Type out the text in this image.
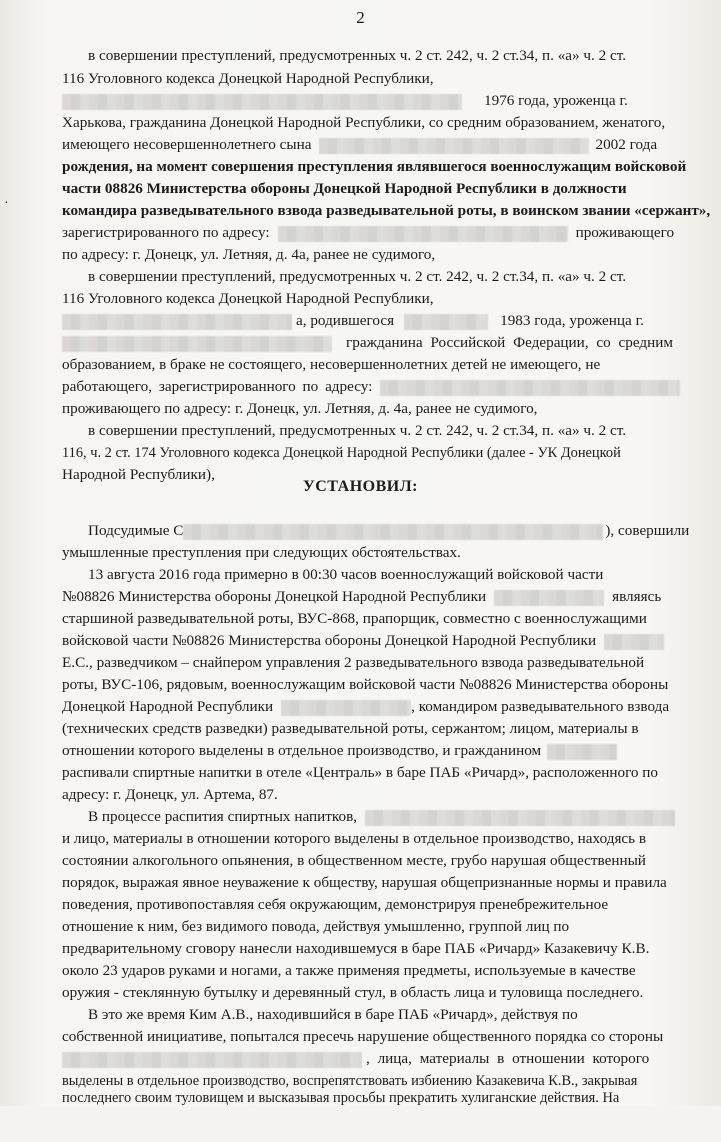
2
·
в совершении преступлений, предусмотренных ч. 2 ст. 242, ч. 2 ст.34, п. «а» ч. 2 ст.
116 Уголовного кодекса Донецкой Народной Республики,
1976 года, уроженца г.
Харькова, гражданина Донецкой Народной Республики, со средним образованием, женатого,
имеющего несовершеннолетнего сына	2002 года
рождения, на момент совершения преступления являвшегося военнослужащим войсковой
части 08826 Министерства обороны Донецкой Народной Республики в должности
командира разведывательного взвода разведывательной роты, в воинском звании «сержант»,
зарегистрированного по адресу:	проживающего
по адресу: г. Донецк, ул. Летняя, д. 4а, ранее не судимого,
в совершении преступлений, предусмотренных ч. 2 ст. 242, ч. 2 ст.34, п. «а» ч. 2 ст.
116 Уголовного кодекса Донецкой Народной Республики,
а, родившегося	1983 года, уроженца г.
гражданина Российской Федерации, со средним
образованием, в браке не состоящего, несовершеннолетних детей не имеющего, не
работающего, зарегистрированного по адресу:
проживающего по адресу: г. Донецк, ул. Летняя, д. 4а, ранее не судимого,
в совершении преступлений, предусмотренных ч. 2 ст. 242, ч. 2 ст.34, п. «а» ч. 2 ст.
116, ч. 2 ст. 174 Уголовного кодекса Донецкой Народной Республики (далее - УК Донецкой
Народной Республики),
УСТАНОВИЛ:
Подсудимые С	), совершили
умышленные преступления при следующих обстоятельствах.
13 августа 2016 года примерно в 00:30 часов военнослужащий войсковой части
№08826 Министерства обороны Донецкой Народной Республики	являясь
старшиной разведывательной роты, ВУС-868, прапорщик, совместно с военнослужащими
войсковой части №08826 Министерства обороны Донецкой Народной Республики
Е.С., разведчиком – снайпером управления 2 разведывательного взвода разведывательной
роты, ВУС-106, рядовым, военнослужащим войсковой части №08826 Министерства обороны
Донецкой Народной Республики	, командиром разведывательного взвода
(технических средств разведки) разведывательной роты, сержантом; лицом, материалы в
отношении которого выделены в отдельное производство, и гражданином
распивали спиртные напитки в отеле «Централь» в баре ПАБ «Ричард», расположенного по
адресу: г. Донецк, ул. Артема, 87.
В процессе распития спиртных напитков,
и лицо, материалы в отношении которого выделены в отдельное производство, находясь в
состоянии алкогольного опьянения, в общественном месте, грубо нарушая общественный
порядок, выражая явное неуважение к обществу, нарушая общепризнанные нормы и правила
поведения, противопоставляя себя окружающим, демонстрируя пренебрежительное
отношение к ним, без видимого повода, действуя умышленно, группой лиц по
предварительному сговору нанесли находившемуся в баре ПАБ «Ричард» Казакевичу К.В.
около 23 ударов руками и ногами, а также применяя предметы, используемые в качестве
оружия - стеклянную бутылку и деревянный стул, в область лица и туловища последнего.
В это же время Ким А.В., находившийся в баре ПАБ «Ричард», действуя по
собственной инициативе, попытался пресечь нарушение общественного порядка со стороны
, лица, материалы в отношении которого
выделены в отдельное производство, воспрепятствовать избиению Казакевича К.В., закрывая
последнего своим туловищем и высказывая просьбы прекратить хулиганские действия. На
